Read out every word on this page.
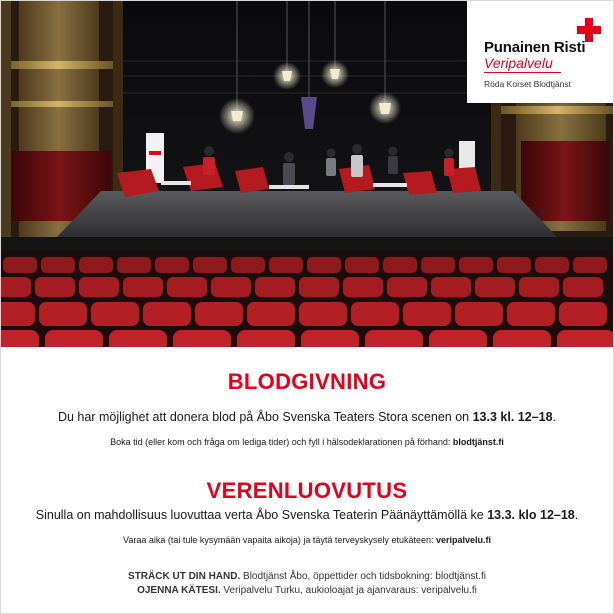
Punainen Risti
Veripalvelu
Röda Korset Blodtjänst
BLODGIVNING
Du har möjlighet att donera blod på Åbo Svenska Teaters Stora scenen on 13.3 kl. 12–18.
Boka tid (eller kom och fråga om lediga tider) och fyll i hälsodeklarationen på förhand: blodtjänst.fi
VERENLUOVUTUS
Sinulla on mahdollisuus luovuttaa verta Åbo Svenska Teaterin Päänäyttämöllä ke 13.3. klo 12–18.
Varaa aika (tai tule kysymään vapaita aikoja) ja täytä terveyskysely etukäteen: veripalvelu.fi
STRÄCK UT DIN HAND. Blodtjänst Åbo, öppettider och tidsbokning: blodtjänst.fi
OJENNA KÄTESI. Veripalvelu Turku, aukioloajat ja ajanvaraus: veripalvelu.fi
